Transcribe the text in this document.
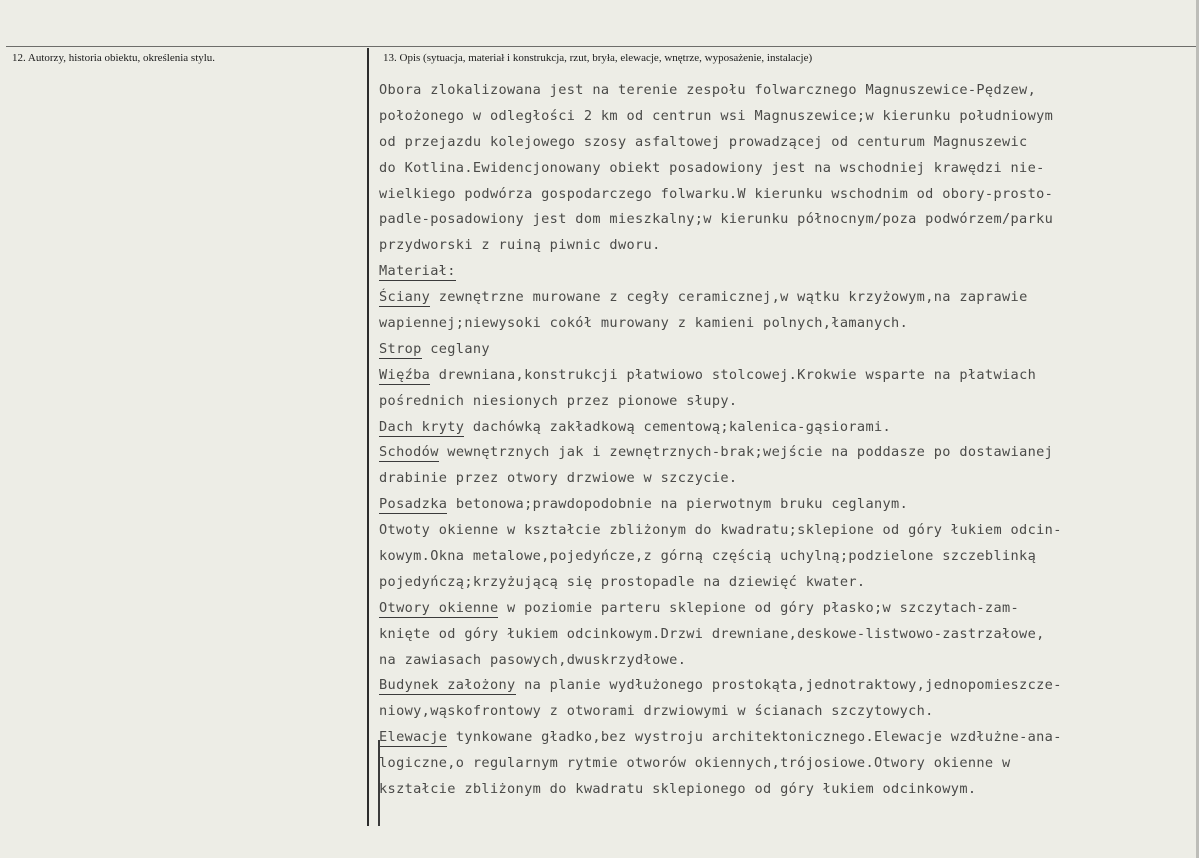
12. Autorzy, historia obiektu, określenia stylu.	13. Opis (sytuacja, materiał i konstrukcja, rzut, bryła, elewacje, wnętrze, wyposażenie, instalacje)
Obora zlokalizowana jest na terenie zespołu folwarcznego Magnuszewice-Pędzew,
położonego w odległości 2 km od centrun wsi Magnuszewice;w kierunku południowym
od przejazdu kolejowego szosy asfaltowej prowadzącej od centurum Magnuszewic
do Kotlina.Ewidencjonowany obiekt posadowiony jest na wschodniej krawędzi nie-
wielkiego podwórza gospodarczego folwarku.W kierunku wschodnim od obory-prosto-
padle-posadowiony jest dom mieszkalny;w kierunku północnym/poza podwórzem/parku
przydworski z ruiną piwnic dworu.
Materiał:
Ściany zewnętrzne murowane z cegły ceramicznej,w wątku krzyżowym,na zaprawie
wapiennej;niewysoki cokół murowany z kamieni polnych,łamanych.
Strop ceglany
Więźba drewniana,konstrukcji płatwiowo stolcowej.Krokwie wsparte na płatwiach
pośrednich niesionych przez pionowe słupy.
Dach kryty dachówką zakładkową cementową;kalenica-gąsiorami.
Schodów wewnętrznych jak i zewnętrznych-brak;wejście na poddasze po dostawianej
drabinie przez otwory drzwiowe w szczycie.
Posadzka betonowa;prawdopodobnie na pierwotnym bruku ceglanym.
Otwoty okienne w kształcie zbliżonym do kwadratu;sklepione od góry łukiem odcin-
kowym.Okna metalowe,pojedyńcze,z górną częścią uchylną;podzielone szczeblinką
pojedyńczą;krzyżującą się prostopadle na dziewięć kwater.
Otwory okienne w poziomie parteru sklepione od góry płasko;w szczytach-zam-
knięte od góry łukiem odcinkowym.Drzwi drewniane,deskowe-listwowo-zastrzałowe,
na zawiasach pasowych,dwuskrzydłowe.
Budynek założony na planie wydłużonego prostokąta,jednotraktowy,jednopomieszcze-
niowy,wąskofrontowy z otworami drzwiowymi w ścianach szczytowych.
Elewacje tynkowane gładko,bez wystroju architektonicznego.Elewacje wzdłużne-ana-
logiczne,o regularnym rytmie otworów okiennych,trójosiowe.Otwory okienne w
kształcie zbliżonym do kwadratu sklepionego od góry łukiem odcinkowym.
